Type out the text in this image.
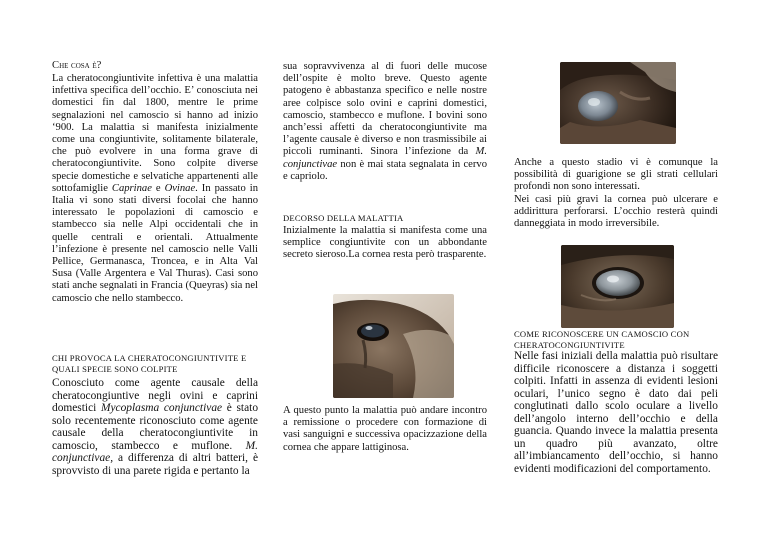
Che cosa è?

La cheratocongiuntivite infettiva è una malattia infettiva specifica dell’occhio. E’ conosciuta nei domestici fin dal 1800, mentre le prime segnalazioni nel camoscio si hanno ad inizio ‘900. La malattia si manifesta inizialmente come una congiuntivite, solitamente bilaterale, che può evolvere in una forma grave di cheratocongiuntivite. Sono colpite diverse specie domestiche e selvatiche appartenenti alle sottofamiglie Caprinae e Ovinae. In passato in Italia vi sono stati diversi focolai che hanno interessato le popolazioni di camoscio e stambecco sia nelle Alpi occidentali che in quelle centrali e orientali. Attualmente l’infezione è presente nel camoscio nelle Valli Pellice, Germanasca, Troncea, e in Alta Val Susa (Valle Argentera e Val Thuras). Casi sono stati anche segnalati in Francia (Queyras) sia nel camoscio che nello stambecco.

CHI PROVOCA LA CHERATOCONGIUNTIVITE E QUALI SPECIE SONO COLPITE

Conosciuto come agente causale della cheratocongiuntive negli ovini e caprini domestici Mycoplasma conjunctivae è stato solo recentemente riconosciuto come agente causale della cheratocongiuntivite in camoscio, stambecco e muflone. M. conjunctivae, a differenza di altri batteri, è sprovvisto di una parete rigida e pertanto la

sua sopravvivenza al di fuori delle mucose dell’ospite è molto breve. Questo agente patogeno è abbastanza specifico e nelle nostre aree colpisce solo ovini e caprini domestici, camoscio, stambecco e muflone. I bovini sono anch’essi affetti da cheratocongiuntivite ma l’agente causale è diverso e non trasmissibile ai piccoli ruminanti. Sinora l’infezione da M. conjunctivae non è mai stata segnalata in cervo e capriolo.

DECORSO DELLA MALATTIA

Inizialmente la malattia si manifesta come una semplice congiuntivite con un abbondante secreto sieroso.La cornea resta però trasparente.

A questo punto la malattia può andare incontro a remissione o procedere con formazione di vasi sanguigni e successiva opacizzazione della cornea che appare lattiginosa.

Anche a questo stadio vi è comunque la possibilità di guarigione se gli strati cellulari profondi non sono interessati.

Nei casi più gravi la cornea può ulcerare e addirittura perforarsi. L’occhio resterà quindi danneggiata in modo irreversibile.

COME RICONOSCERE UN CAMOSCIO CON CHERATOCONGIUNTIVITE

Nelle fasi iniziali della malattia può risultare difficile riconoscere a distanza i soggetti colpiti. Infatti in assenza di evidenti lesioni oculari, l’unico segno è dato dai peli conglutinati dallo scolo oculare a livello dell’angolo interno dell’occhio e della guancia. Quando invece la malattia presenta un quadro più avanzato, oltre all’imbiancamento dell’occhio, si hanno evidenti modificazioni del comportamento.
